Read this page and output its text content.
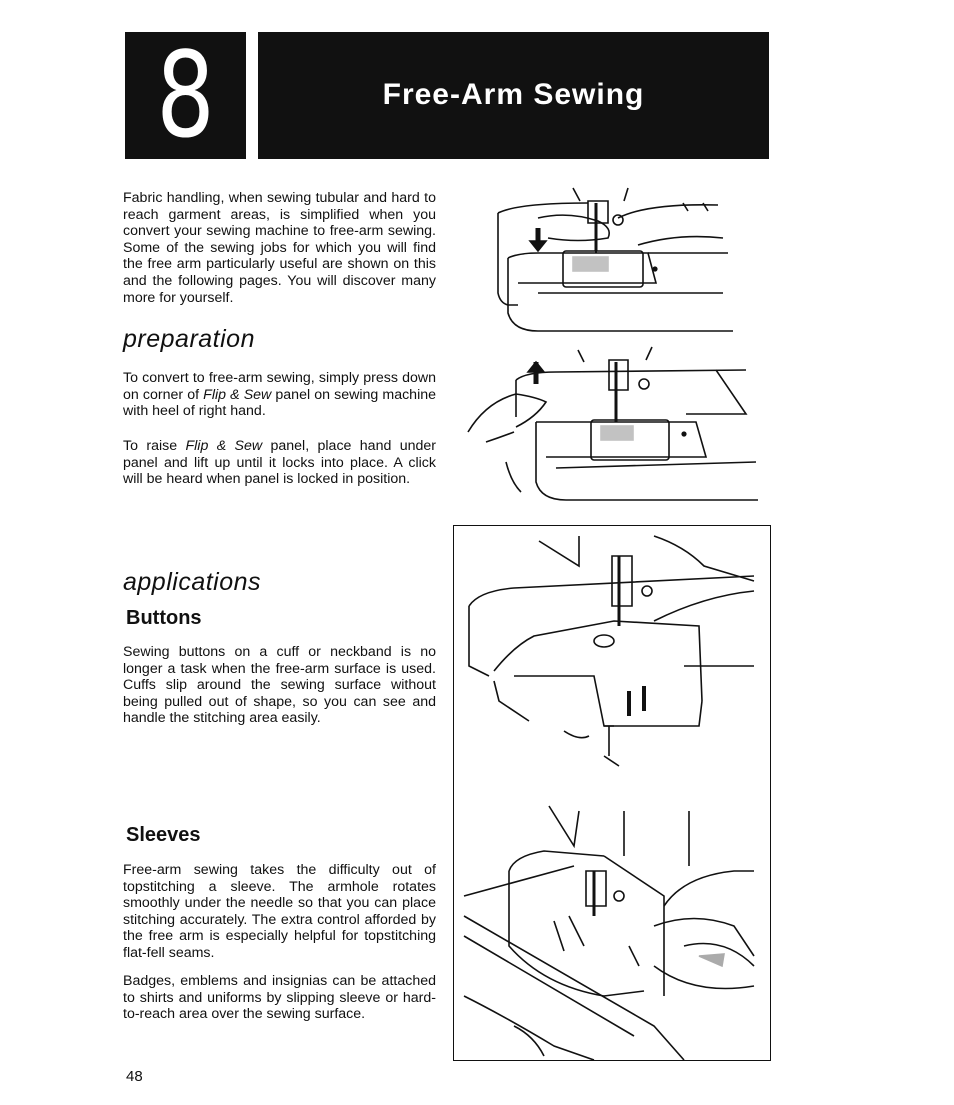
8	Free-Arm Sewing

Fabric handling, when sewing tubular and hard to reach garment areas, is simplified when you convert your sewing machine to free-arm sewing. Some of the sewing jobs for which you will find the free arm particularly useful are shown on this and the following pages. You will discover many more for yourself.

preparation

To convert to free-arm sewing, simply press down on corner of Flip & Sew panel on sewing machine with heel of right hand.

To raise Flip & Sew panel, place hand under panel and lift up until it locks into place. A click will be heard when panel is locked in position.

applications
Buttons

Sewing buttons on a cuff or neckband is no longer a task when the free-arm surface is used. Cuffs slip around the sewing surface without being pulled out of shape, so you can see and handle the stitching area easily.

Sleeves

Free-arm sewing takes the difficulty out of topstitching a sleeve. The armhole rotates smoothly under the needle so that you can place stitching accurately. The extra control afforded by the free arm is especially helpful for topstitching flat-fell seams.

Badges, emblems and insignias can be attached to shirts and uniforms by slipping sleeve or hard-to-reach area over the sewing surface.

48
